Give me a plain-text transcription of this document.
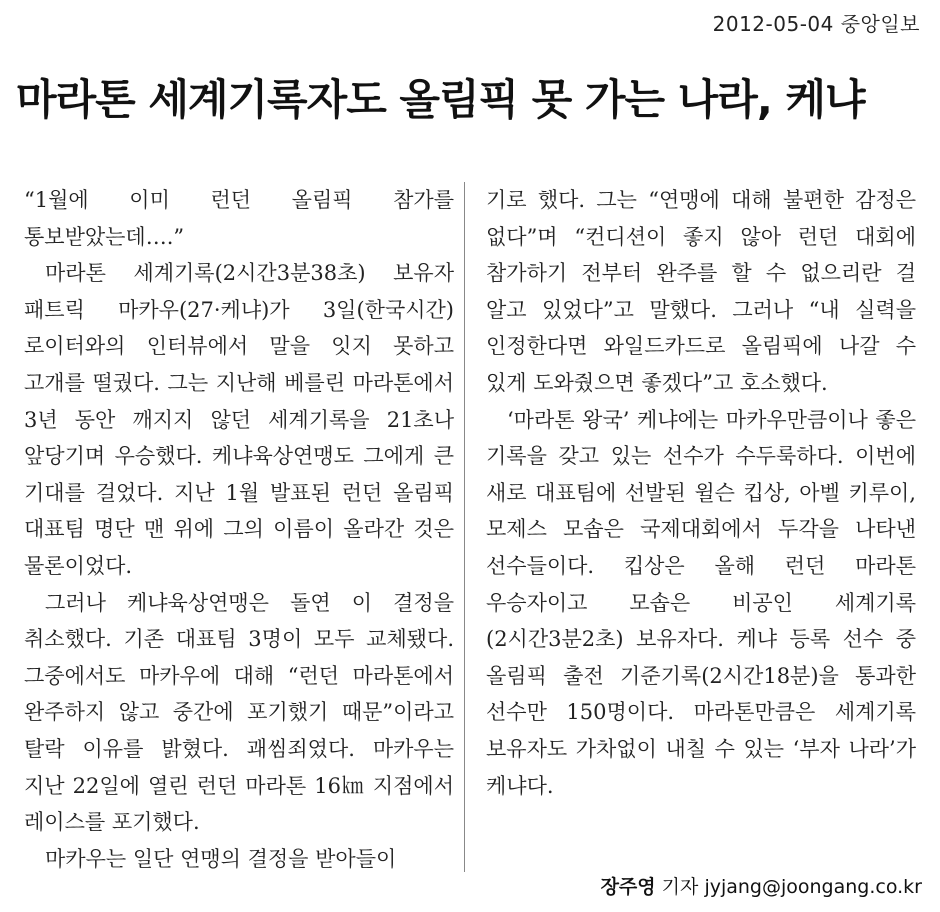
2012-05-04 중앙일보
마라톤 세계기록자도 올림픽 못 가는 나라, 케냐

“1월에 이미 런던 올림픽 참가를 통보받았는데….”

마라톤 세계기록(2시간3분38초) 보유자 패트릭 마카우(27·케냐)가 3일(한국시간) 로이터와의 인터뷰에서 말을 잇지 못하고 고개를 떨궜다. 그는 지난해 베를린 마라톤에서 3년 동안 깨지지 않던 세계기록을 21초나 앞당기며 우승했다. 케냐육상연맹도 그에게 큰 기대를 걸었다. 지난 1월 발표된 런던 올림픽 대표팀 명단 맨 위에 그의 이름이 올라간 것은 물론이었다.

그러나 케냐육상연맹은 돌연 이 결정을 취소했다. 기존 대표팀 3명이 모두 교체됐다. 그중에서도 마카우에 대해 “런던 마라톤에서 완주하지 않고 중간에 포기했기 때문”이라고 탈락 이유를 밝혔다. 괘씸죄였다. 마카우는 지난 22일에 열린 런던 마라톤 16㎞ 지점에서 레이스를 포기했다.

마카우는 일단 연맹의 결정을 받아들이

기로 했다. 그는 “연맹에 대해 불편한 감정은 없다”며 “컨디션이 좋지 않아 런던 대회에 참가하기 전부터 완주를 할 수 없으리란 걸 알고 있었다”고 말했다. 그러나 “내 실력을 인정한다면 와일드카드로 올림픽에 나갈 수 있게 도와줬으면 좋겠다”고 호소했다.

‘마라톤 왕국’ 케냐에는 마카우만큼이나 좋은 기록을 갖고 있는 선수가 수두룩하다. 이번에 새로 대표팀에 선발된 윌슨 킵상, 아벨 키루이, 모제스 모솝은 국제대회에서 두각을 나타낸 선수들이다. 킵상은 올해 런던 마라톤 우승자이고 모솝은 비공인 세계기록(2시간3분2초) 보유자다. 케냐 등록 선수 중 올림픽 출전 기준기록(2시간18분)을 통과한 선수만 150명이다. 마라톤만큼은 세계기록 보유자도 가차없이 내칠 수 있는 ‘부자 나라’가 케냐다.

장주영 기자 jyjang@joongang.co.kr
